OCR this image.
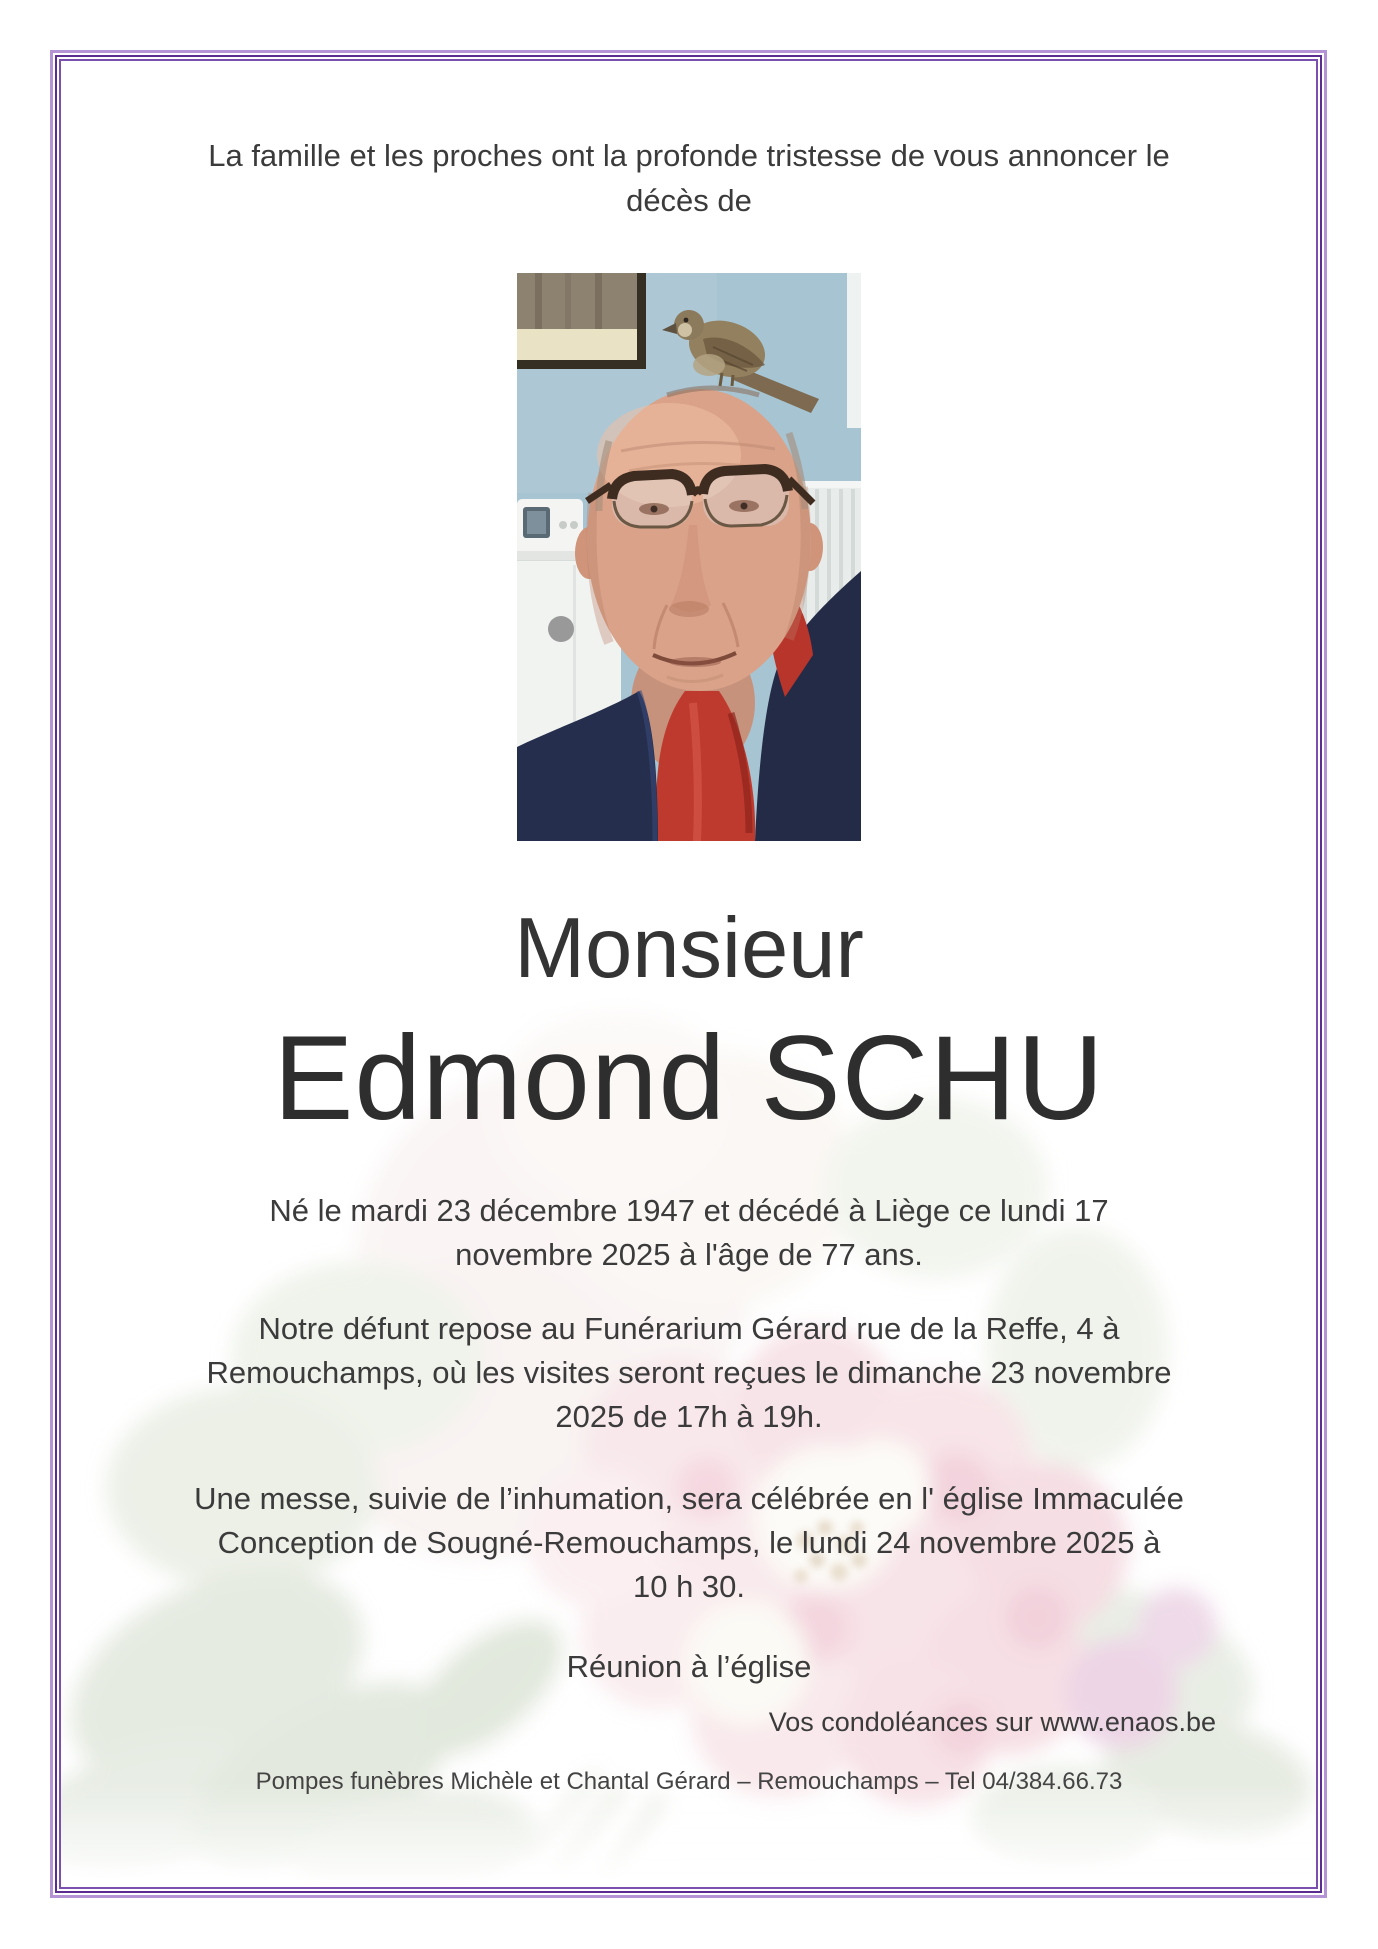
La famille et les proches ont la profonde tristesse de vous annoncer le
décès de
Monsieur
Edmond SCHU
Né le mardi 23 décembre 1947 et décédé à Liège ce lundi 17
novembre 2025 à l'âge de 77 ans.
Notre défunt repose au Funérarium Gérard rue de la Reffe, 4 à
Remouchamps, où les visites seront reçues le dimanche 23 novembre
2025 de 17h à 19h.
Une messe, suivie de l’inhumation, sera célébrée en l' église Immaculée
Conception de Sougné-Remouchamps, le lundi 24 novembre 2025 à
10 h 30.
Réunion à l’église
Vos condoléances sur www.enaos.be
Pompes funèbres Michèle et Chantal Gérard – Remouchamps – Tel 04/384.66.73
